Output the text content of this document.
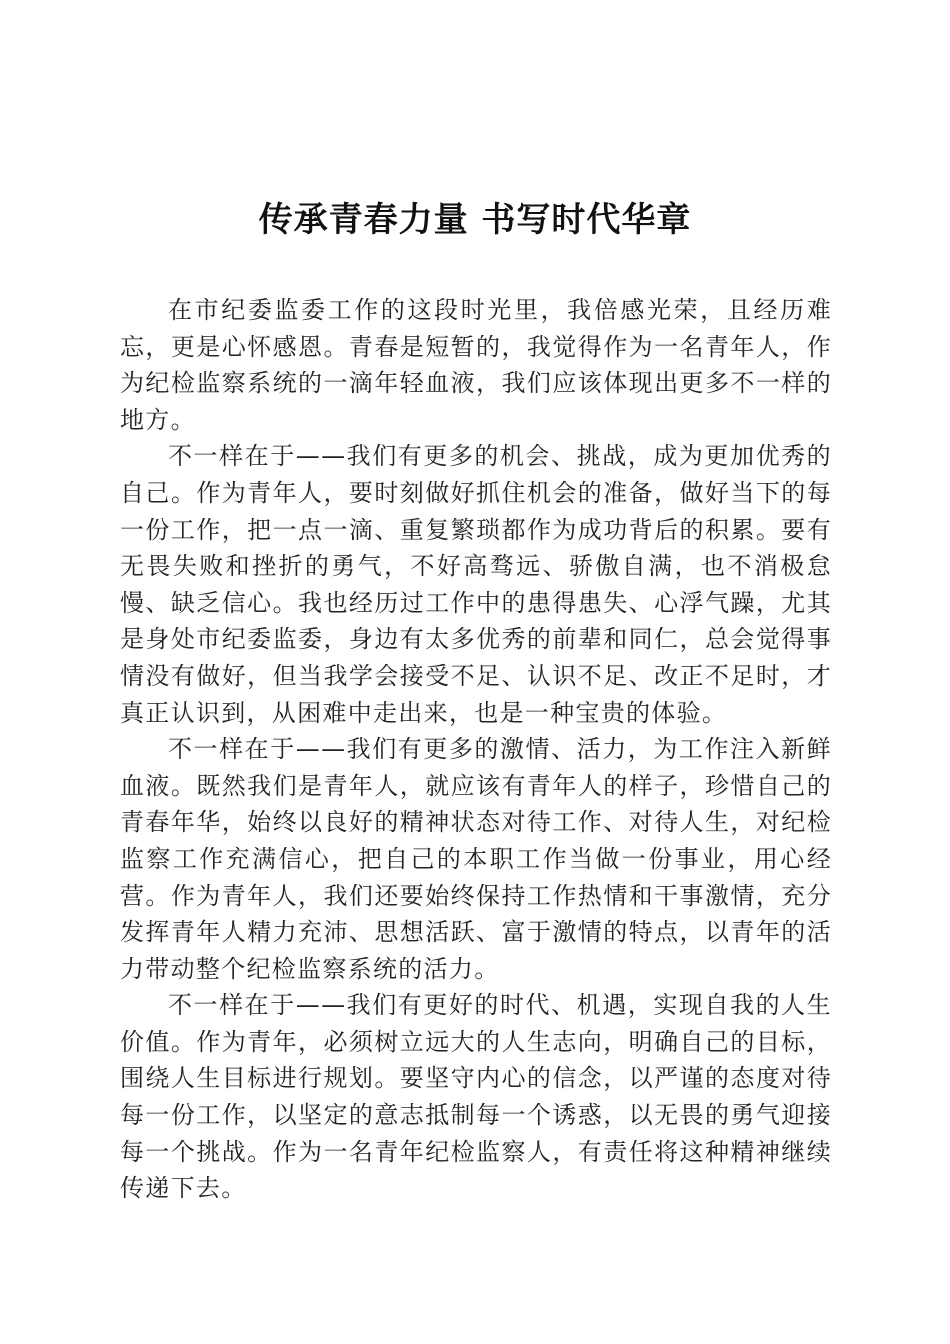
传承青春力量 书写时代华章

在市纪委监委工作的这段时光里，我倍感光荣，且经历难忘，更是心怀感恩。青春是短暂的，我觉得作为一名青年人，作为纪检监察系统的一滴年轻血液，我们应该体现出更多不一样的地方。

不一样在于——我们有更多的机会、挑战，成为更加优秀的自己。作为青年人，要时刻做好抓住机会的准备，做好当下的每一份工作，把一点一滴、重复繁琐都作为成功背后的积累。要有无畏失败和挫折的勇气，不好高骛远、骄傲自满，也不消极怠慢、缺乏信心。我也经历过工作中的患得患失、心浮气躁，尤其是身处市纪委监委，身边有太多优秀的前辈和同仁，总会觉得事情没有做好，但当我学会接受不足、认识不足、改正不足时，才真正认识到，从困难中走出来，也是一种宝贵的体验。

不一样在于——我们有更多的激情、活力，为工作注入新鲜血液。既然我们是青年人，就应该有青年人的样子，珍惜自己的青春年华，始终以良好的精神状态对待工作、对待人生，对纪检监察工作充满信心，把自己的本职工作当做一份事业，用心经营。作为青年人，我们还要始终保持工作热情和干事激情，充分发挥青年人精力充沛、思想活跃、富于激情的特点，以青年的活力带动整个纪检监察系统的活力。

不一样在于——我们有更好的时代、机遇，实现自我的人生价值。作为青年，必须树立远大的人生志向，明确自己的目标，围绕人生目标进行规划。要坚守内心的信念，以严谨的态度对待每一份工作，以坚定的意志抵制每一个诱惑，以无畏的勇气迎接每一个挑战。作为一名青年纪检监察人，有责任将这种精神继续传递下去。
